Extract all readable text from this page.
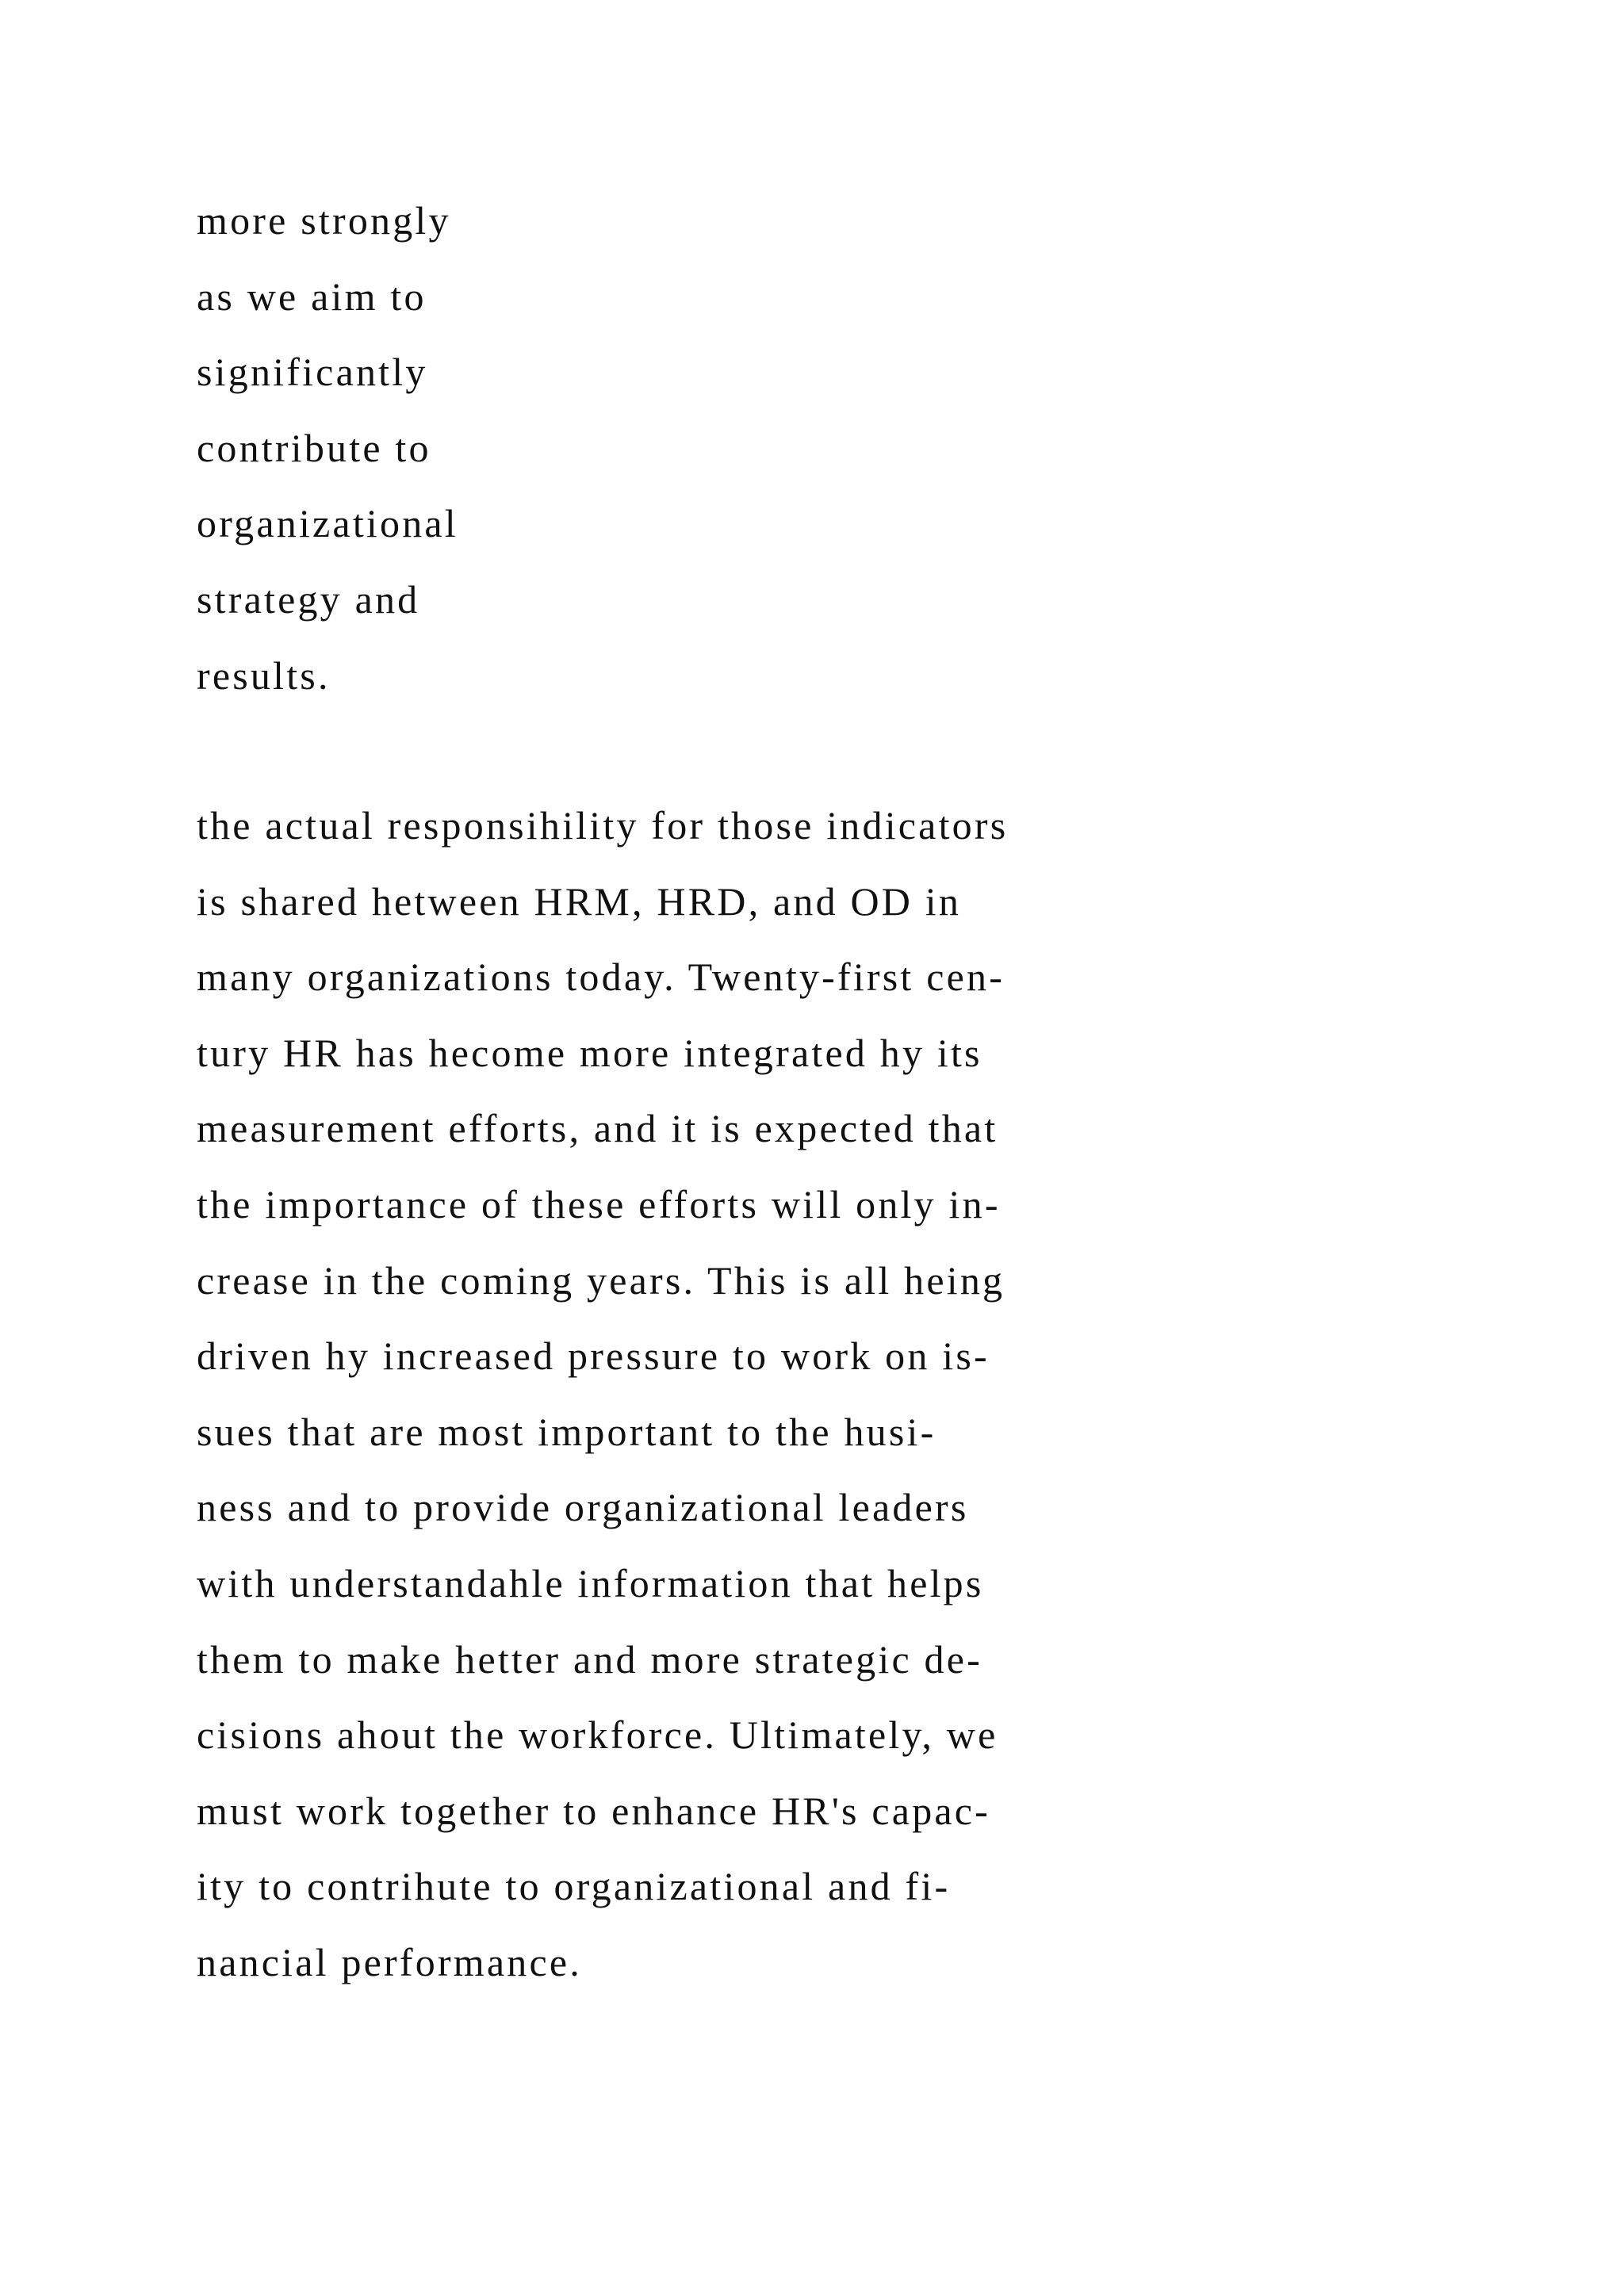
more strongly
as we aim to
significantly
contribute to
organizational
strategy and
results.
the actual responsihility for those indicators
is shared hetween HRM, HRD, and OD in
many organizations today. Twenty-first cen-
tury HR has hecome more integrated hy its
measurement efforts, and it is expected that
the importance of these efforts will only in-
crease in the coming years. This is all heing
driven hy increased pressure to work on is-
sues that are most important to the husi-
ness and to provide organizational leaders
with understandahle information that helps
them to make hetter and more strategic de-
cisions ahout the workforce. Ultimately, we
must work together to enhance HR's capac-
ity to contrihute to organizational and fi-
nancial performance.
